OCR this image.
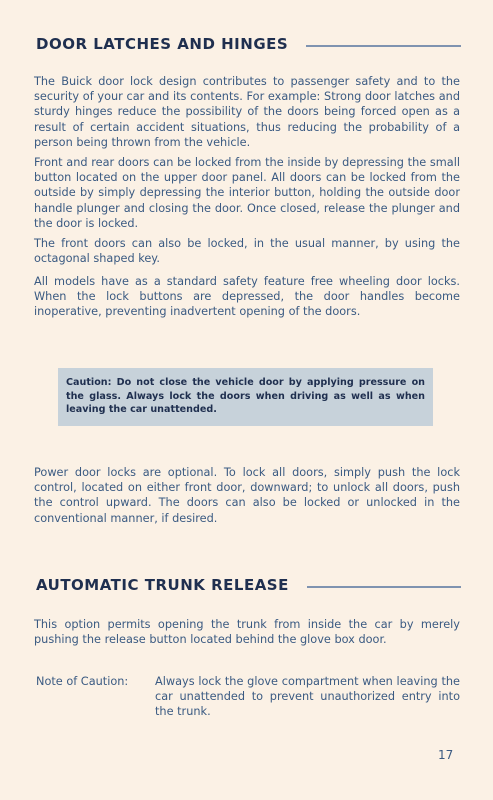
DOOR LATCHES AND HINGES

The Buick door lock design contributes to passenger safety and to the security of your car and its contents. For example: Strong door latches and sturdy hinges reduce the possibility of the doors being forced open as a result of certain accident situations, thus reducing the probability of a person being thrown from the vehicle.

Front and rear doors can be locked from the inside by depressing the small button located on the upper door panel. All doors can be locked from the outside by simply depressing the interior button, holding the outside door handle plunger and closing the door. Once closed, release the plunger and the door is locked.

The front doors can also be locked, in the usual manner, by using the octagonal shaped key.

All models have as a standard safety feature free wheeling door locks. When the lock buttons are depressed, the door handles become inoperative, preventing inadvertent opening of the doors.

Caution: Do not close the vehicle door by applying pressure on the glass. Always lock the doors when driving as well as when leaving the car unattended.

Power door locks are optional. To lock all doors, simply push the lock control, located on either front door, downward; to unlock all doors, push the control upward. The doors can also be locked or unlocked in the conventional manner, if desired.

AUTOMATIC TRUNK RELEASE

This option permits opening the trunk from inside the car by merely pushing the release button located behind the glove box door.

Note of Caution: Always lock the glove compartment when leaving the car unattended to prevent unauthorized entry into the trunk.

17
